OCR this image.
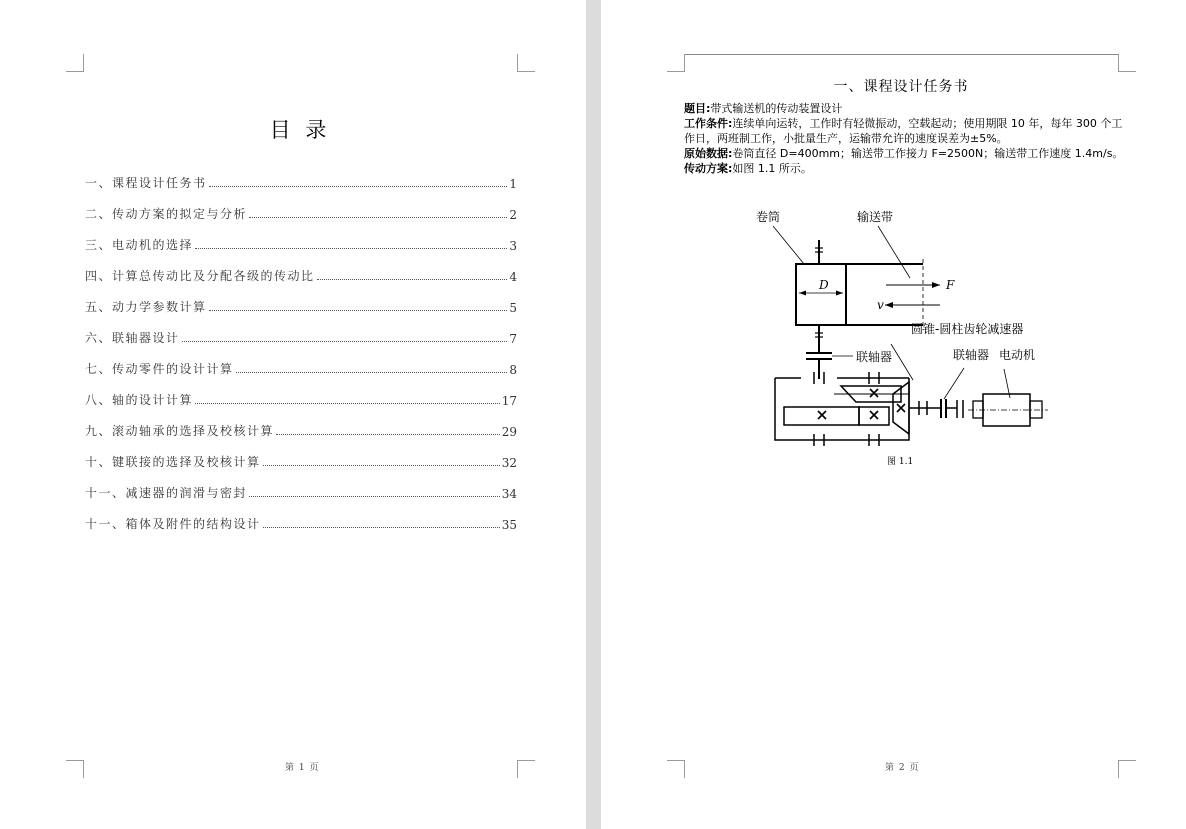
目 录
一、课程设计任务书	1
二、传动方案的拟定与分析	2
三、电动机的选择	3
四、计算总传动比及分配各级的传动比	4
五、动力学参数计算	5
六、联轴器设计	7
七、传动零件的设计计算	8
八、轴的设计计算	17
九、滚动轴承的选择及校核计算	29
十、键联接的选择及校核计算	32
十一、减速器的润滑与密封	34
十一、箱体及附件的结构设计	35
第 1 页
一、课程设计任务书

题目:带式输送机的传动装置设计

工作条件:连续单向运转，工作时有轻微振动，空载起动；使用期限 10 年，每年 300 个工作日，两班制工作，小批量生产，运输带允许的速度误差为±5%。

原始数据:卷筒直径 D=400mm；输送带工作接力 F=2500N；输送带工作速度 1.4m/s。

传动方案:如图 1.1 所示。

卷筒	输送带
D	F
v
圆锥-圆柱齿轮减速器
联轴器	联轴器 电动机
图 1.1
第 2 页
